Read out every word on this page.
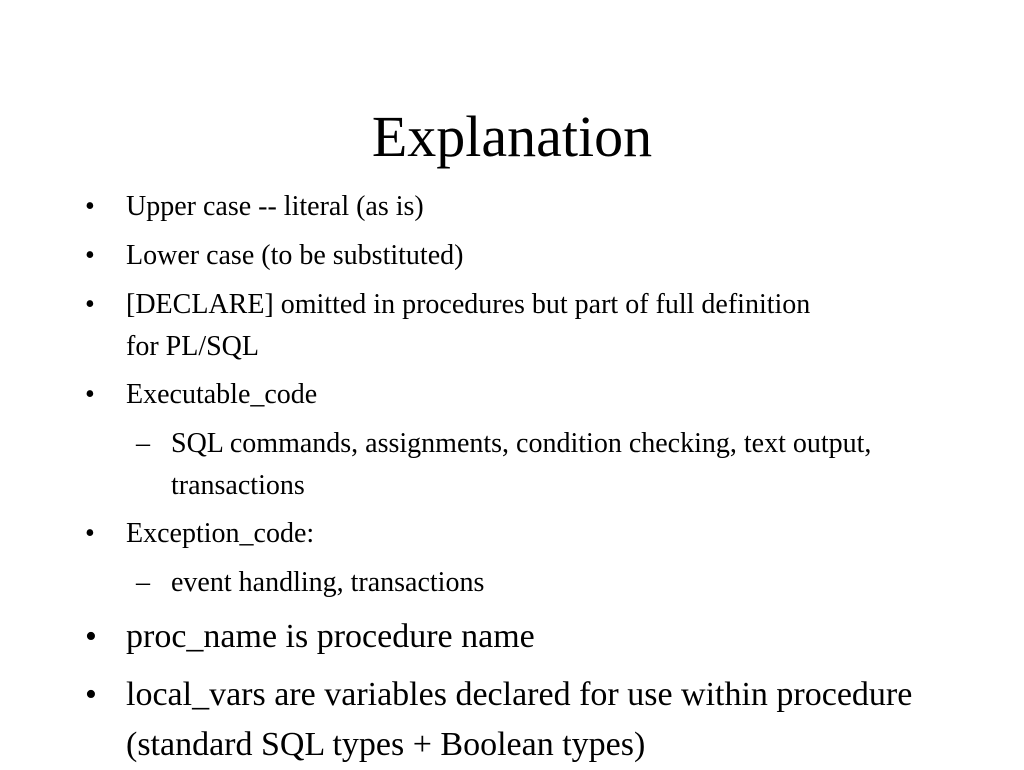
Explanation
• Upper case -- literal (as is)
• Lower case (to be substituted)
• [DECLARE] omitted in procedures but part of full definition for PL/SQL
• Executable_code
– SQL commands, assignments, condition checking, text output, transactions
• Exception_code:
– event handling, transactions
• proc_name is procedure name
• local_vars are variables declared for use within procedure (standard SQL types + Boolean types)
